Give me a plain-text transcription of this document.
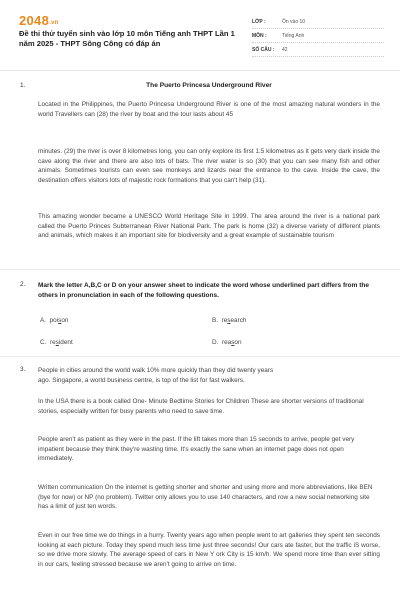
2048.vn
Đề thi thử tuyển sinh vào lớp 10 môn Tiếng anh THPT Lần 1 năm 2025 - THPT Sông Công có đáp án
LỚP :	Ôn vào 10
MÔN :	Tiếng Anh
SỐ CÂU :	42
1.	The Puerto Princesa Underground River
Located in the Philippines, the Puerto Princesa Underground River is one of the most amazing natural wonders in the world Travellers can (28) the river by boat and the tour lasts about 45
minutes. (29) the river is over 8 kilometres long, you can only explore its first 1.5 kilometres as it gets very dark inside the cave along the river and there are also lots of bats. The river water is so (30) that you can see many fish and other animals. Sometimes tourists can even see monkeys and lizards near the entrance to the cave. Inside the cave, the destination offers visitors lots of majestic rock formations that you can't help (31).
This amazing wonder became a UNESCO World Heritage Site in 1999. The area around the river is a national park called the Puerto Princes Subterranean River National Park. The park is home (32) a diverse variety of different plants and animals, which makes it an important site for biodiversity and a great example of sustainable tourism
2. Mark the letter A,B,C or D on your answer sheet to indicate the word whose underlined part differs from the others in pronunciation in each of the following questions.
A. poison	B. research
C. resident	D. reason
3. People in cities around the world walk 10% more quickly than they did twenty years
ago. Singapore, a world business centre, is top of the list for fast walkers.
In the USA there is a book called One- Minute Bedtime Stories for Children These are shorter versions of traditional stories, especially written for busy parents who need to save time.
People aren't as patient as they were in the past. If the lift takes more than 15 seconds to arrive, people get very impatient because they think they're wasting time. It's exactly the sane when an internet page does not open immediately.
Written communication On the internet is getting shorter and shorter and using more and more abbreviations, like BEN (bye for now) or NP (no problem). Twitter only allows you to use 140 characters, and row a new social networking site has a limit of just ten words.
Even in our free time we do things in a hurry. Twenty years ago when people went to art galleries they spent ten seconds looking at each picture. Today they spend much less time just three seconds! Our cars ate faster, but the traffic iS worse, so we drive more slowly. The average speed of cars in New Y ork City is 15 km/h. We spend more time than ever sitting in our cars, feeling stressed because we aren't going to arrive on time.
